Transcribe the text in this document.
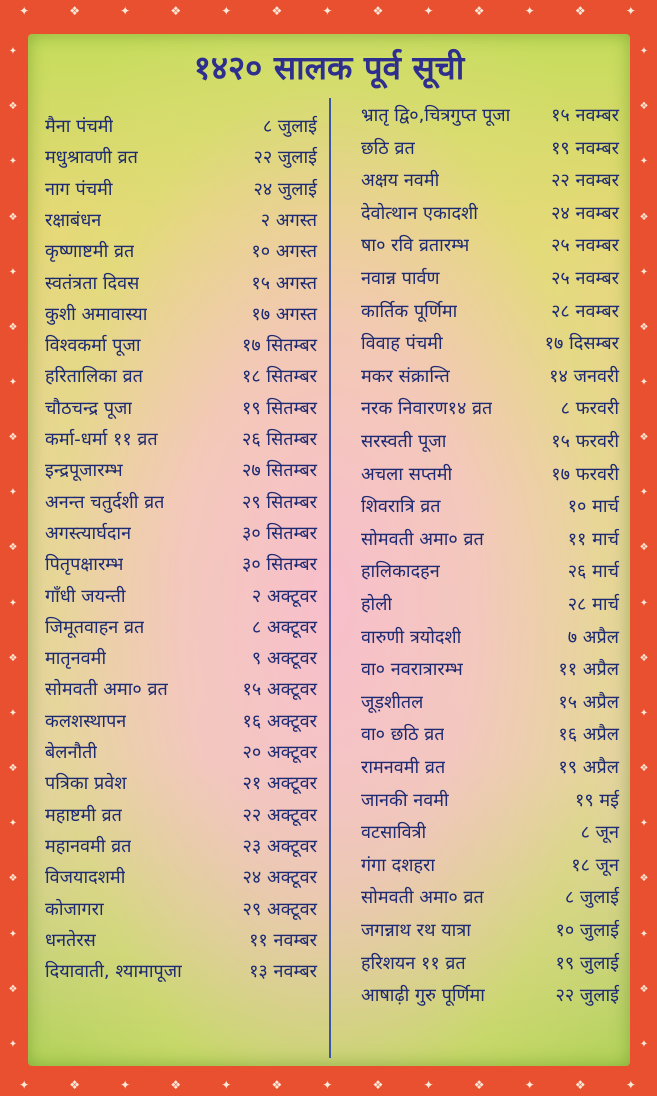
✦	❖	✦	❖	✦	❖	✦	❖	✦	❖	✦	❖	✦
✦	❖	✦	❖	✦	❖	✦	❖	✦	❖	✦	❖	✦
✦
❖
✦
❖
✦
❖
✦
❖
✦
❖
✦
❖
✦
❖
✦
❖
✦
❖
✦
✦
❖
✦
❖
✦
❖
✦
❖
✦
❖
✦
❖
✦
❖
✦
❖
✦
❖
✦
१४२० सालक पूर्व सूची
मैना पंचमी	८ जुलाई
मधुश्रावणी व्रत	२२ जुलाई
नाग पंचमी	२४ जुलाई
रक्षाबंधन	२ अगस्त
कृष्णाष्टमी व्रत	१० अगस्त
स्वतंत्रता दिवस	१५ अगस्त
कुशी अमावास्या	१७ अगस्त
विश्वकर्मा पूजा	१७ सितम्बर
हरितालिका व्रत	१८ सितम्बर
चौठचन्द्र पूजा	१९ सितम्बर
कर्मा-धर्मा ११ व्रत	२६ सितम्बर
इन्द्रपूजारम्भ	२७ सितम्बर
अनन्त चतुर्दशी व्रत	२९ सितम्बर
अगस्त्यार्घदान	३० सितम्बर
पितृपक्षारम्भ	३० सितम्बर
गाँधी जयन्ती	२ अक्टूवर
जिमूतवाहन व्रत	८ अक्टूवर
मातृनवमी	९ अक्टूवर
सोमवती अमा० व्रत	१५ अक्टूवर
कलशस्थापन	१६ अक्टूवर
बेलनौती	२० अक्टूवर
पत्रिका प्रवेश	२१ अक्टूवर
महाष्टमी व्रत	२२ अक्टूवर
महानवमी व्रत	२३ अक्टूवर
विजयादशमी	२४ अक्टूवर
कोजागरा	२९ अक्टूवर
धनतेरस	११ नवम्बर
दियावाती, श्यामापूजा	१३ नवम्बर
भ्रातृ द्वि०,चित्रगुप्त पूजा १५ नवम्बर
छठि व्रत	१९ नवम्बर
अक्षय नवमी	२२ नवम्बर
देवोत्थान एकादशी	२४ नवम्बर
षा० रवि व्रतारम्भ	२५ नवम्बर
नवान्न पार्वण	२५ नवम्बर
कार्तिक पूर्णिमा	२८ नवम्बर
विवाह पंचमी	१७ दिसम्बर
मकर संक्रान्ति	१४ जनवरी
नरक निवारण१४ व्रत	८ फरवरी
सरस्वती पूजा	१५ फरवरी
अचला सप्तमी	१७ फरवरी
शिवरात्रि व्रत	१० मार्च
सोमवती अमा० व्रत	११ मार्च
हालिकादहन	२६ मार्च
होली	२८ मार्च
वारुणी त्रयोदशी	७ अप्रैल
वा० नवरात्रारम्भ	११ अप्रैल
जूड़शीतल	१५ अप्रैल
वा० छठि व्रत	१६ अप्रैल
रामनवमी व्रत	१९ अप्रैल
जानकी नवमी	१९ मई
वटसावित्री	८ जून
गंगा दशहरा	१८ जून
सोमवती अमा० व्रत	८ जुलाई
जगन्नाथ रथ यात्रा	१० जुलाई
हरिशयन ११ व्रत	१९ जुलाई
आषाढ़ी गुरु पूर्णिमा	२२ जुलाई
